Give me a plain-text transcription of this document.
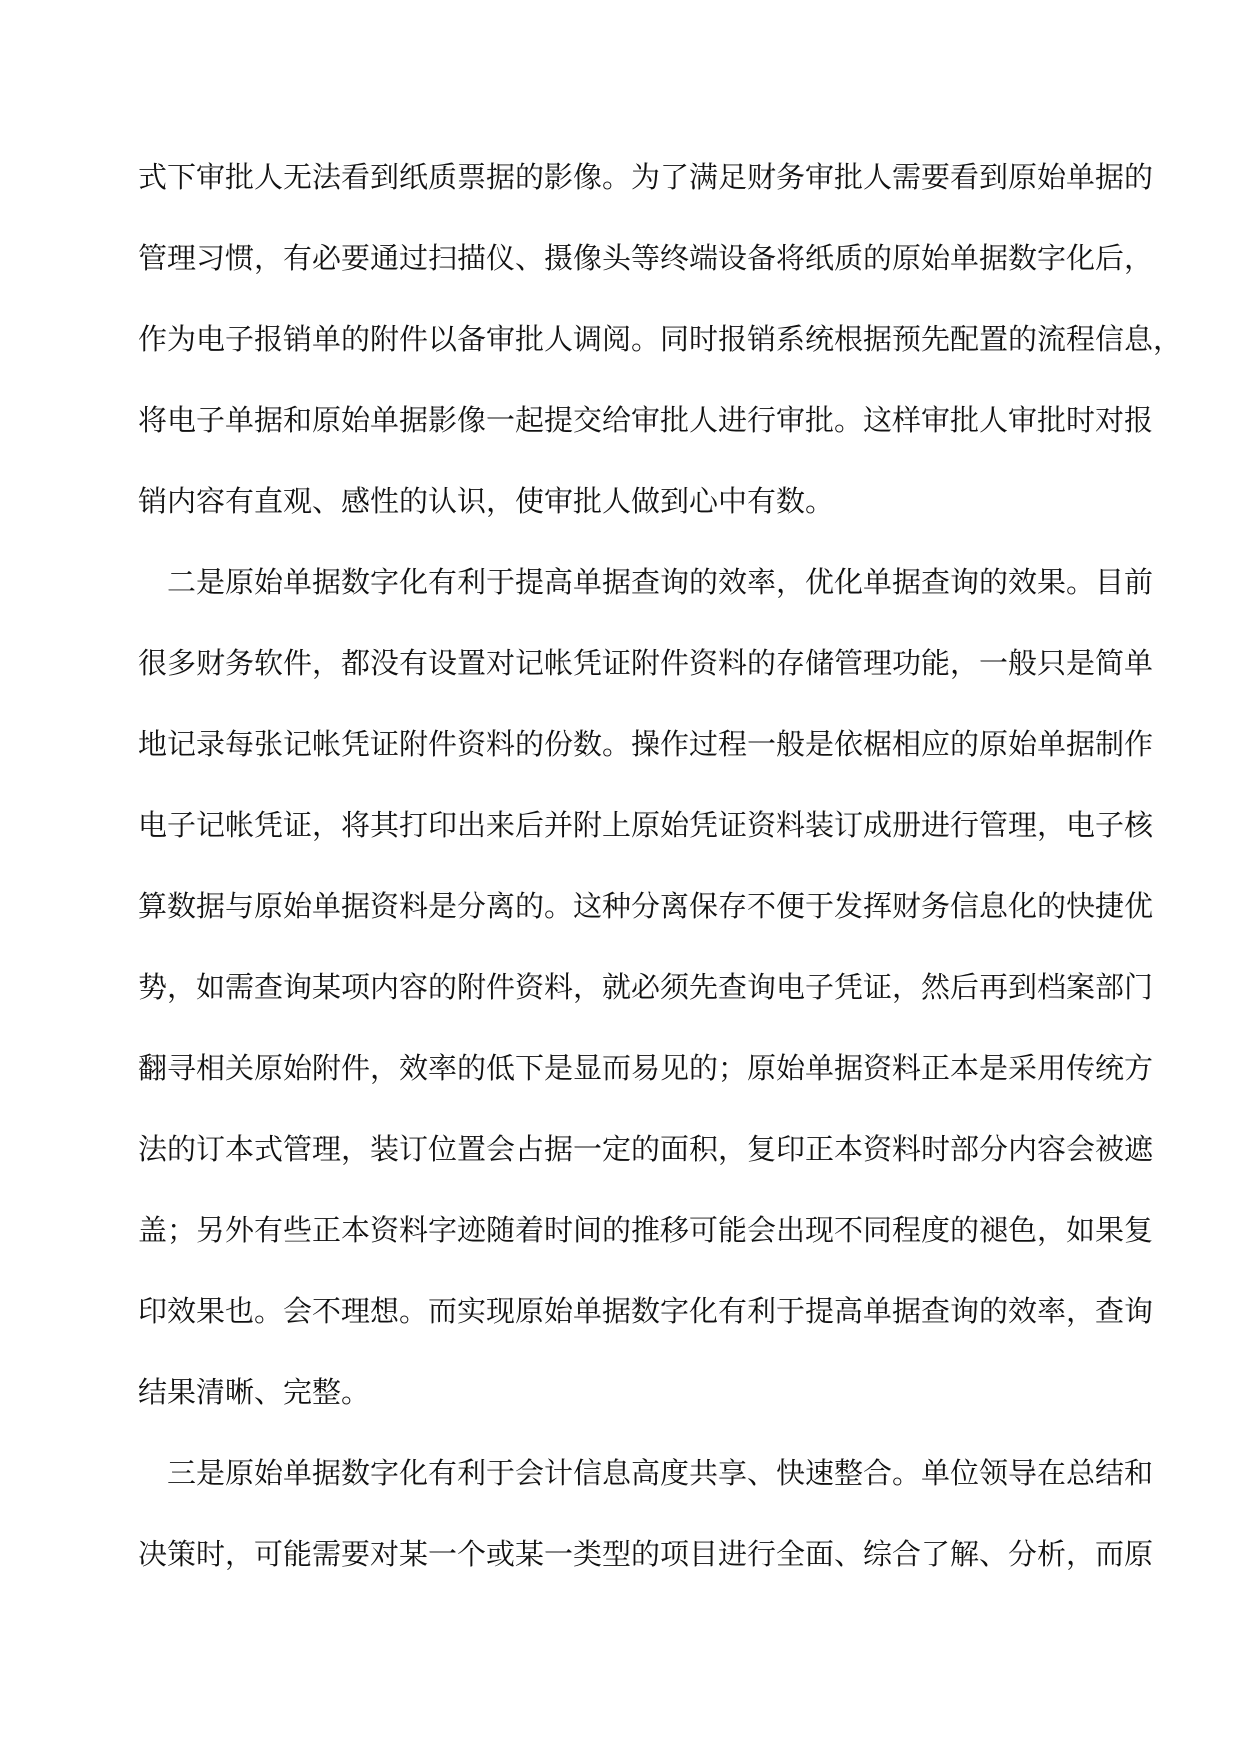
式下审批人无法看到纸质票据的影像。为了满足财务审批人需要看到原始单据的
管理习惯，有必要通过扫描仪、摄像头等终端设备将纸质的原始单据数字化后，
作为电子报销单的附件以备审批人调阅。同时报销系统根据预先配置的流程信息，
将电子单据和原始单据影像一起提交给审批人进行审批。这样审批人审批时对报
销内容有直观、感性的认识，使审批人做到心中有数。
　二是原始单据数字化有利于提高单据查询的效率，优化单据查询的效果。目前
很多财务软件，都没有设置对记帐凭证附件资料的存储管理功能，一般只是简单
地记录每张记帐凭证附件资料的份数。操作过程一般是依椐相应的原始单据制作
电子记帐凭证，将其打印出来后并附上原始凭证资料装订成册进行管理，电子核
算数据与原始单据资料是分离的。这种分离保存不便于发挥财务信息化的快捷优
势，如需查询某项内容的附件资料，就必须先查询电子凭证，然后再到档案部门
翻寻相关原始附件，效率的低下是显而易见的；原始单据资料正本是采用传统方
法的订本式管理，装订位置会占据一定的面积，复印正本资料时部分内容会被遮
盖；另外有些正本资料字迹随着时间的推移可能会出现不同程度的褪色，如果复
印效果也。会不理想。而实现原始单据数字化有利于提高单据查询的效率，查询
结果清晰、完整。
　三是原始单据数字化有利于会计信息高度共享、快速整合。单位领导在总结和
决策时，可能需要对某一个或某一类型的项目进行全面、综合了解、分析，而原
